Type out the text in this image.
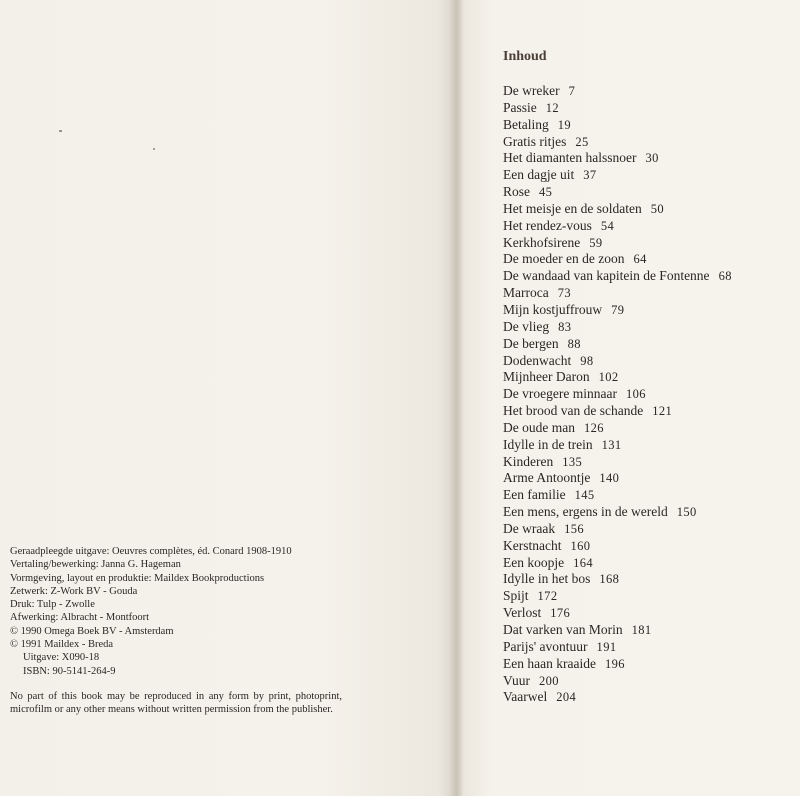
Geraadpleegde uitgave: Oeuvres complètes, éd. Conard 1908-1910
Vertaling/bewerking: Janna G. Hageman
Vormgeving, layout en produktie: Maildex Bookproductions
Zetwerk: Z-Work BV - Gouda
Druk: Tulp - Zwolle
Afwerking: Albracht - Montfoort
© 1990 Omega Boek BV - Amsterdam
© 1991 Maildex - Breda
Uitgave: X090-18
ISBN: 90-5141-264-9

No part of this book may be reproduced in any form by print, photoprint, microfilm or any other means without written permission from the publisher.

Inhoud
De wreker 7
Passie 12
Betaling 19
Gratis ritjes 25
Het diamanten halssnoer 30
Een dagje uit 37
Rose 45
Het meisje en de soldaten 50
Het rendez-vous 54
Kerkhofsirene 59
De moeder en de zoon 64
De wandaad van kapitein de Fontenne 68
Marroca 73
Mijn kostjuffrouw 79
De vlieg 83
De bergen 88
Dodenwacht 98
Mijnheer Daron 102
De vroegere minnaar 106
Het brood van de schande 121
De oude man 126
Idylle in de trein 131
Kinderen 135
Arme Antoontje 140
Een familie 145
Een mens, ergens in de wereld 150
De wraak 156
Kerstnacht 160
Een koopje 164
Idylle in het bos 168
Spijt 172
Verlost 176
Dat varken van Morin 181
Parijs' avontuur 191
Een haan kraaide 196
Vuur 200
Vaarwel 204
